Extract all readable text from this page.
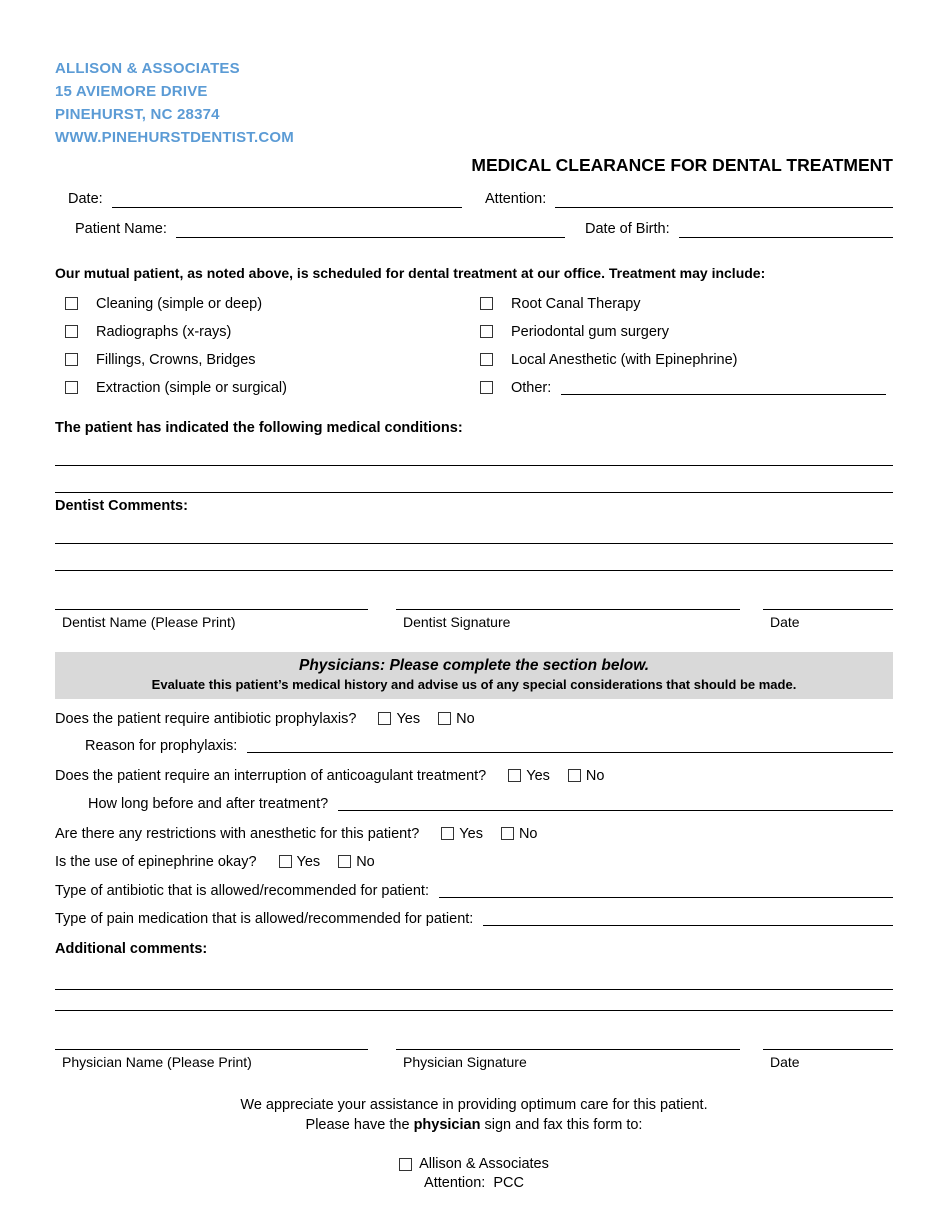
ALLISON & ASSOCIATES
15 AVIEMORE DRIVE
PINEHURST, NC 28374
WWW.PINEHURSTDENTIST.COM
MEDICAL CLEARANCE FOR DENTAL TREATMENT
Date:	Attention:
Patient Name:	Date of Birth:
Our mutual patient, as noted above, is scheduled for dental treatment at our office. Treatment may include:
Cleaning (simple or deep)	Root Canal Therapy
Radiographs (x-rays)	Periodontal gum surgery
Fillings, Crowns, Bridges	Local Anesthetic (with Epinephrine)
Extraction (simple or surgical)	Other:
The patient has indicated the following medical conditions:
Dentist Comments:
Dentist Name (Please Print)	Dentist Signature	Date
Physicians: Please complete the section below.
Evaluate this patient’s medical history and advise us of any special considerations that should be made.
Does the patient require antibiotic prophylaxis?	Yes No
Reason for prophylaxis:
Does the patient require an interruption of anticoagulant treatment?	Yes No
How long before and after treatment?
Are there any restrictions with anesthetic for this patient?	Yes No
Is the use of epinephrine okay?	Yes No
Type of antibiotic that is allowed/recommended for patient:
Type of pain medication that is allowed/recommended for patient:
Additional comments:
Physician Name (Please Print)	Physician Signature	Date
We appreciate your assistance in providing optimum care for this patient.
Please have the physician sign and fax this form to:
Allison & Associates
Attention:  PCC
